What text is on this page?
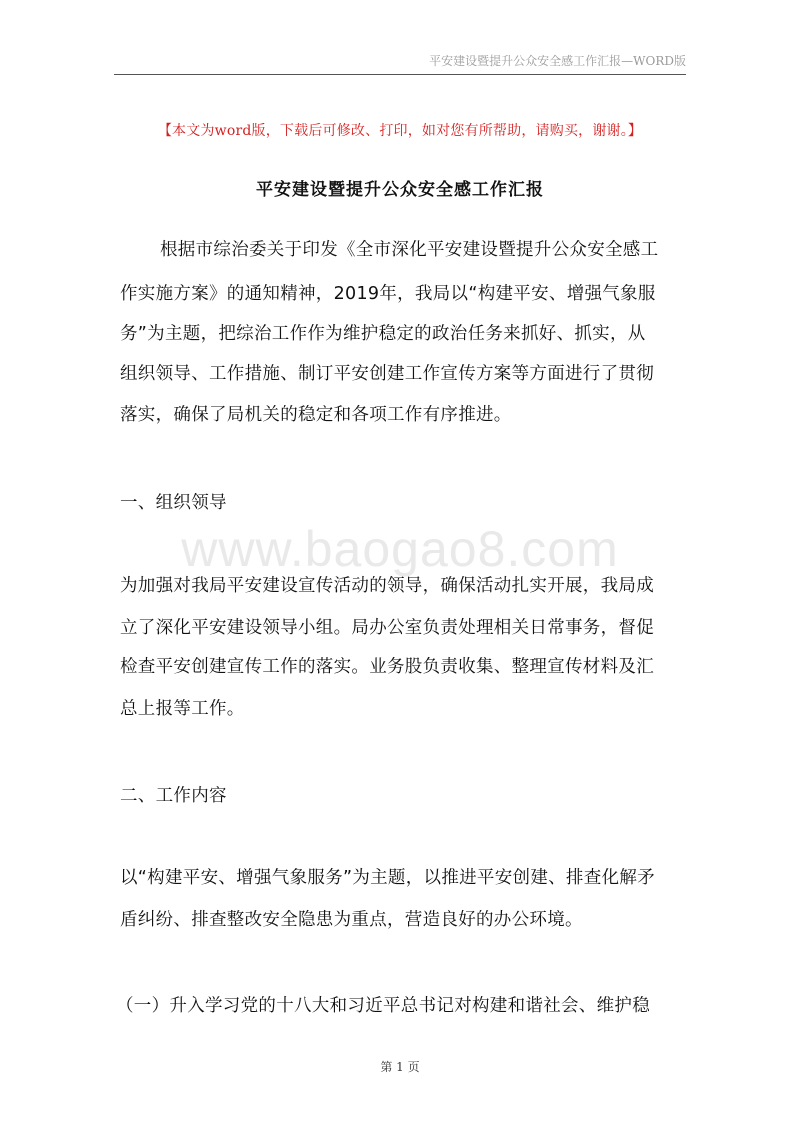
平安建设暨提升公众安全感工作汇报—WORD版
【本文为word版，下载后可修改、打印，如对您有所帮助，请购买，谢谢。】
平安建设暨提升公众安全感工作汇报
根据市综治委关于印发《全市深化平安建设暨提升公众安全感工
作实施方案》的通知精神，2019年，我局以“构建平安、增强气象服
务”为主题，把综治工作作为维护稳定的政治任务来抓好、抓实，从
组织领导、工作措施、制订平安创建工作宣传方案等方面进行了贯彻
落实，确保了局机关的稳定和各项工作有序推进。
一、组织领导
www.baogao8.com
为加强对我局平安建设宣传活动的领导，确保活动扎实开展，我局成
立了深化平安建设领导小组。局办公室负责处理相关日常事务，督促
检查平安创建宣传工作的落实。业务股负责收集、整理宣传材料及汇
总上报等工作。
二、工作内容
以“构建平安、增强气象服务”为主题，以推进平安创建、排查化解矛
盾纠纷、排查整改安全隐患为重点，营造良好的办公环境。
（一）升入学习党的十八大和习近平总书记对构建和谐社会、维护稳
第 1 页
